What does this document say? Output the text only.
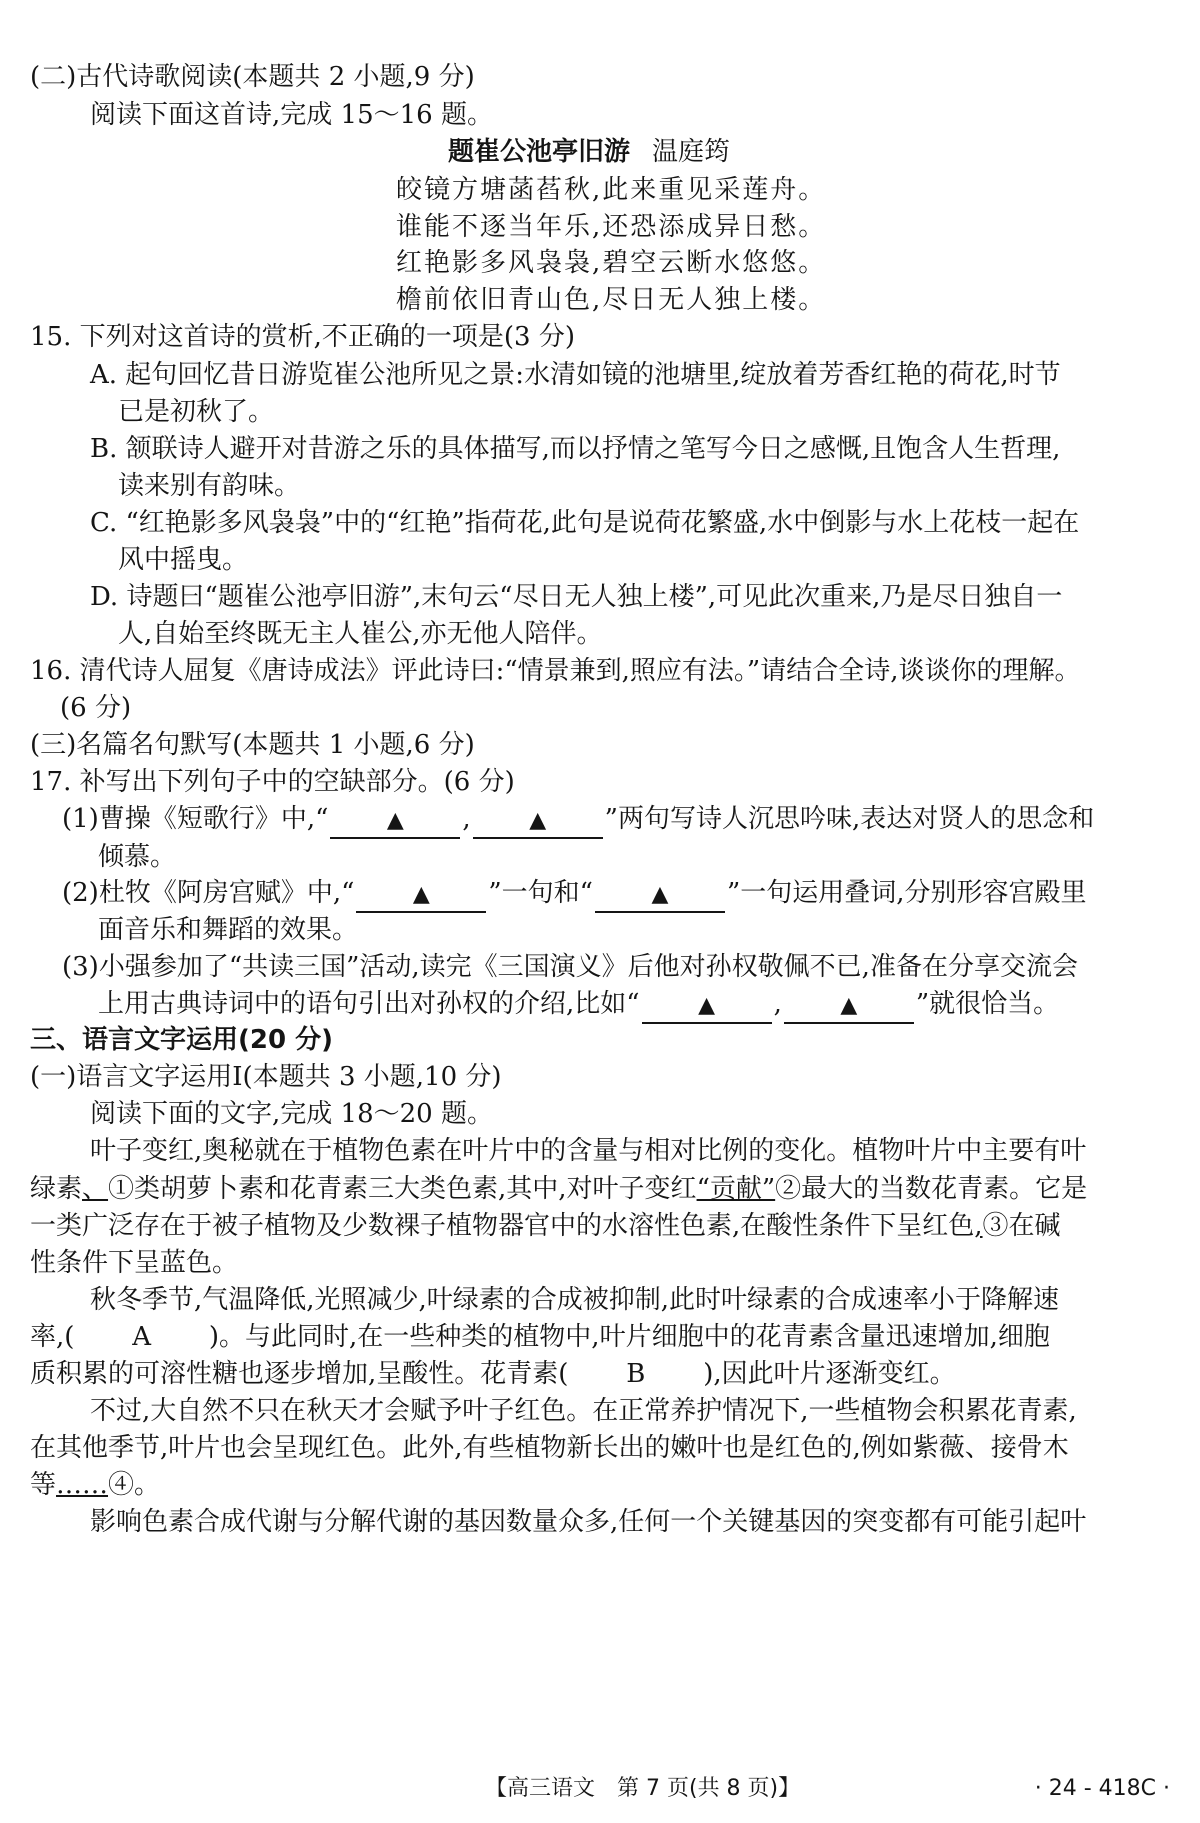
(二)古代诗歌阅读(本题共 2 小题,9 分)
阅读下面这首诗,完成 15～16 题。
题崔公池亭旧游 温庭筠
皎镜方塘菡萏秋,此来重见采莲舟。
谁能不逐当年乐,还恐添成异日愁。
红艳影多风袅袅,碧空云断水悠悠。
檐前依旧青山色,尽日无人独上楼。
15. 下列对这首诗的赏析,不正确的一项是(3 分)
A. 起句回忆昔日游览崔公池所见之景:水清如镜的池塘里,绽放着芳香红艳的荷花,时节
已是初秋了。
B. 颔联诗人避开对昔游之乐的具体描写,而以抒情之笔写今日之感慨,且饱含人生哲理,
读来别有韵味。
C. “红艳影多风袅袅”中的“红艳”指荷花,此句是说荷花繁盛,水中倒影与水上花枝一起在
风中摇曳。
D. 诗题曰“题崔公池亭旧游”,末句云“尽日无人独上楼”,可见此次重来,乃是尽日独自一
人,自始至终既无主人崔公,亦无他人陪伴。
16. 清代诗人屈复《唐诗成法》评此诗曰:“情景兼到,照应有法。”请结合全诗,谈谈你的理解。
(6 分)
(三)名篇名句默写(本题共 1 小题,6 分)
17. 补写出下列句子中的空缺部分。(6 分)
(1)曹操《短歌行》中,“	▲ ,	▲ ”两句写诗人沉思吟味,表达对贤人的思念和
倾慕。
(2)杜牧《阿房宫赋》中,“	▲ ”一句和“	▲ ”一句运用叠词,分别形容宫殿里
面音乐和舞蹈的效果。
(3)小强参加了“共读三国”活动,读完《三国演义》后他对孙权敬佩不已,准备在分享交流会
上用古典诗词中的语句引出对孙权的介绍,比如“	▲ ,	▲ ”就很恰当。
三、语言文字运用(20 分)
(一)语言文字运用Ⅰ(本题共 3 小题,10 分)
阅读下面的文字,完成 18～20 题。
叶子变红,奥秘就在于植物色素在叶片中的含量与相对比例的变化。植物叶片中主要有叶
绿素、①类胡萝卜素和花青素三大类色素,其中,对叶子变红“贡献”②最大的当数花青素。它是
一类广泛存在于被子植物及少数裸子植物器官中的水溶性色素,在酸性条件下呈红色,③在碱
性条件下呈蓝色。
秋冬季节,气温降低,光照减少,叶绿素的合成被抑制,此时叶绿素的合成速率小于降解速
率,(       A       )。与此同时,在一些种类的植物中,叶片细胞中的花青素含量迅速增加,细胞
质积累的可溶性糖也逐步增加,呈酸性。花青素(       B       ),因此叶片逐渐变红。
不过,大自然不只在秋天才会赋予叶子红色。在正常养护情况下,一些植物会积累花青素,
在其他季节,叶片也会呈现红色。此外,有些植物新长出的嫩叶也是红色的,例如紫薇、接骨木
等……④。
影响色素合成代谢与分解代谢的基因数量众多,任何一个关键基因的突变都有可能引起叶
【高三语文　第 7 页(共 8 页)】	· 24 - 418C ·
